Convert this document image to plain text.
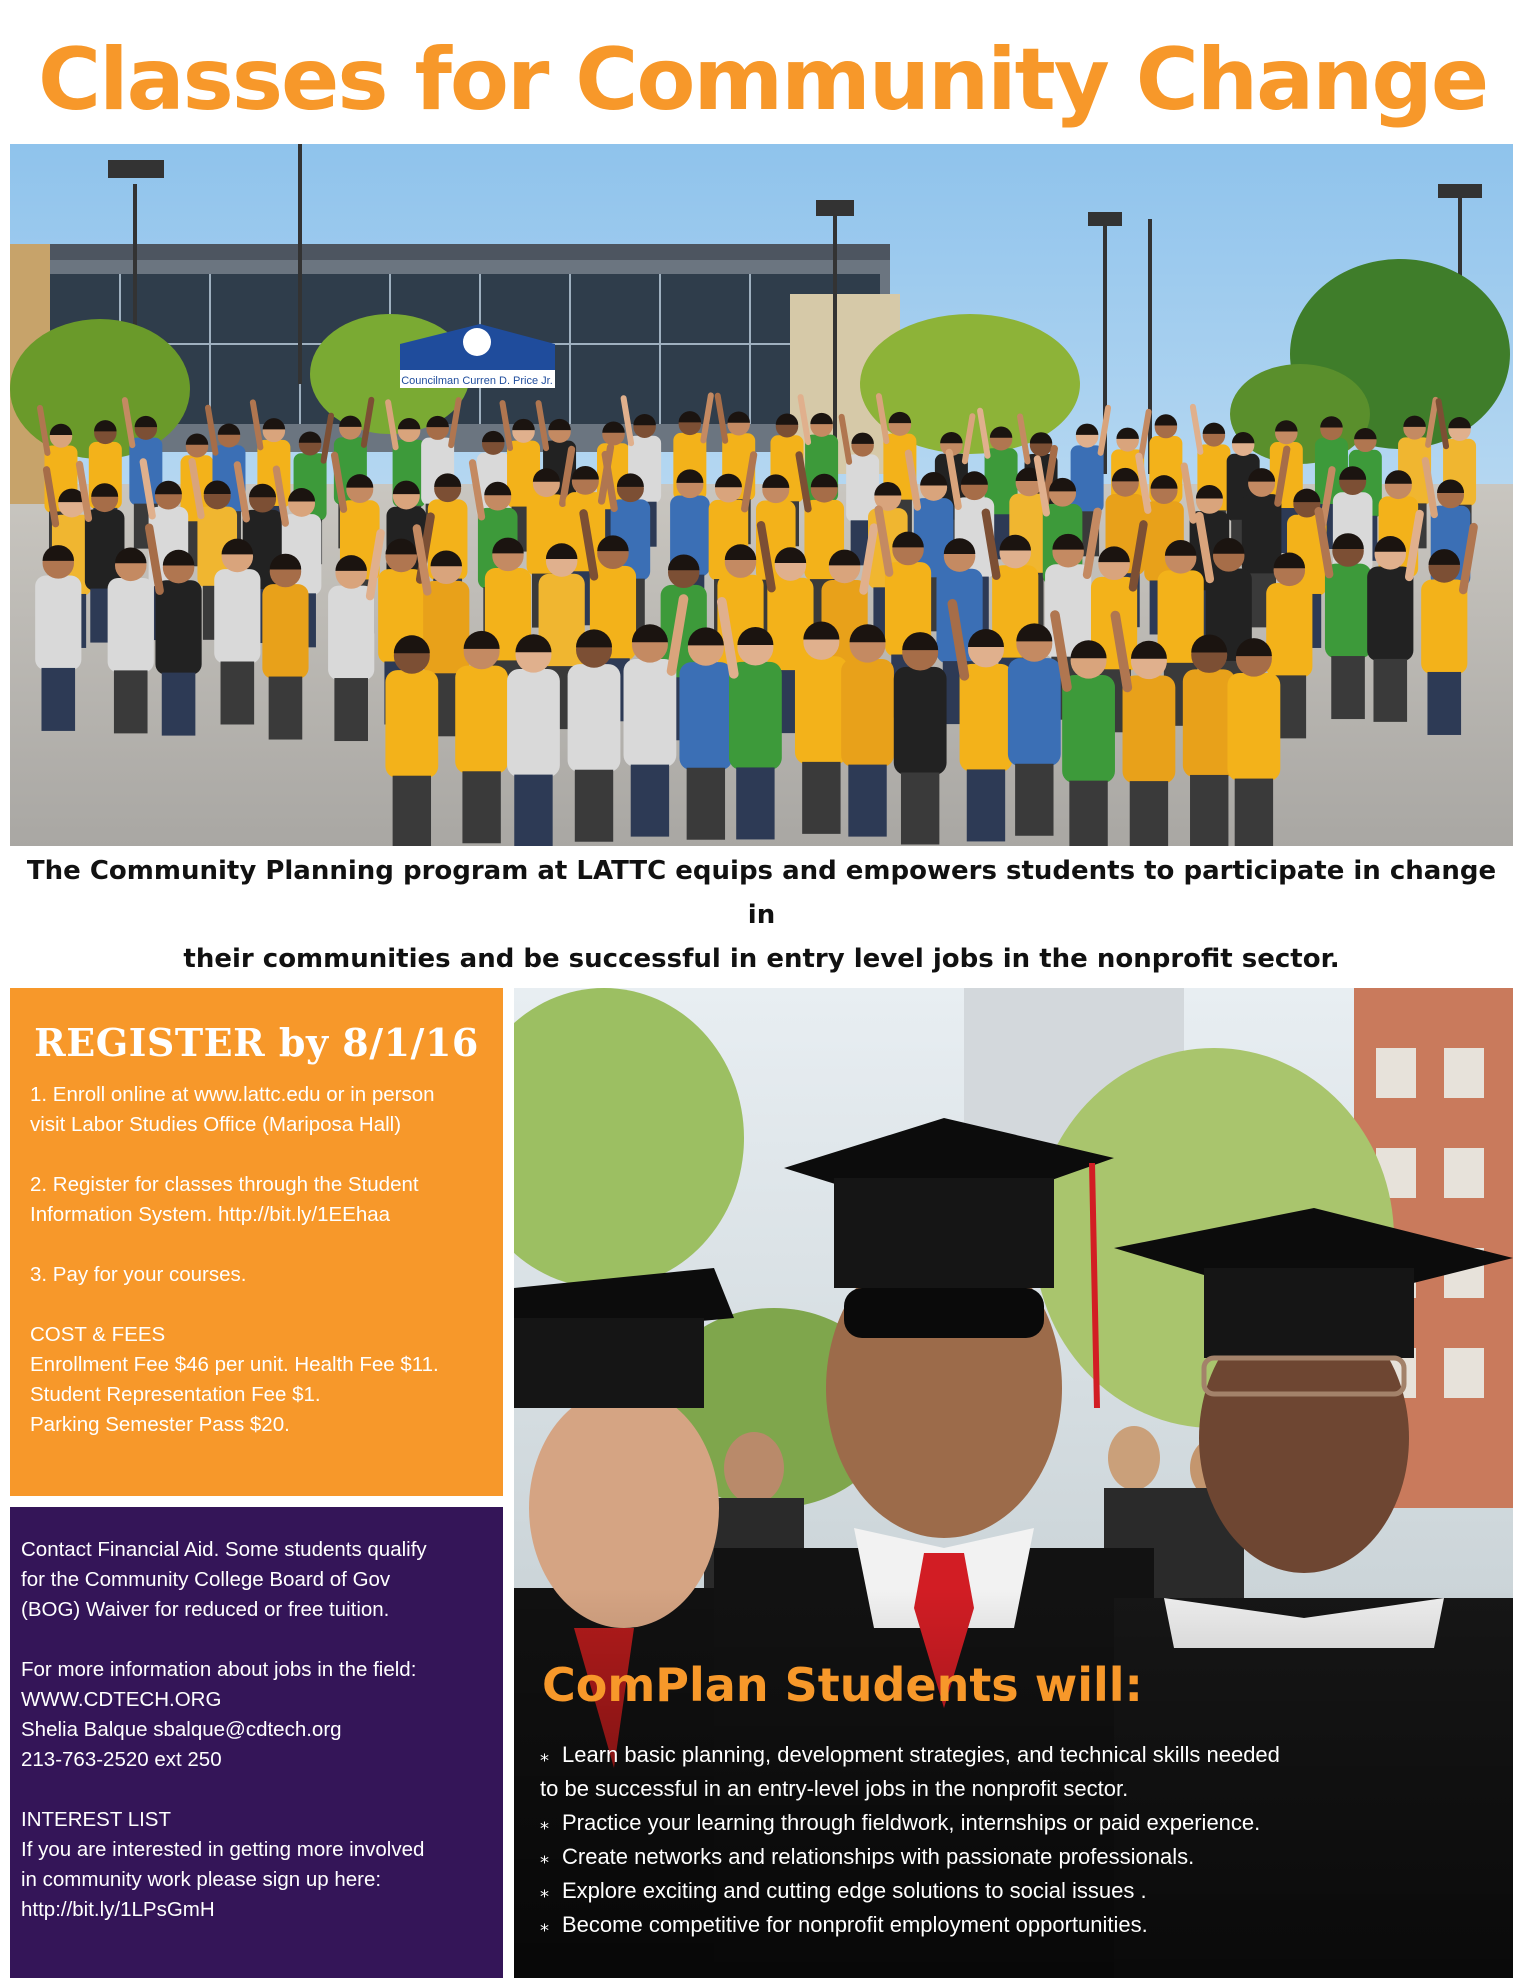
Classes for Community Change
Councilman Curren D. Price Jr.
The Community Planning program at LATTC equips and empowers students to participate in change in
their communities and be successful in entry level jobs in the nonprofit sector.
REGISTER by 8/1/16

1. Enroll online at www.lattc.edu or in person
visit Labor Studies Office (Mariposa Hall)

2. Register for classes through the Student
Information System. http://bit.ly/1EEhaa

3. Pay for your courses.

COST & FEES
Enrollment Fee $46 per unit. Health Fee $11.
Student Representation Fee $1.
Parking Semester Pass $20.

Contact Financial Aid. Some students qualify
for the Community College Board of Gov
(BOG) Waiver for reduced or free tuition.

For more information about jobs in the field:
WWW.CDTECH.ORG
Shelia Balque sbalque@cdtech.org
213-763-2520 ext 250

INTEREST LIST
If you are interested in getting more involved
in community work please sign up here:
http://bit.ly/1LPsGmH

ComPlan Students will:
⁎ Learn basic planning, development strategies, and technical skills needed
to be successful in an entry-level jobs in the nonprofit sector.
⁎ Practice your learning through fieldwork, internships or paid experience.
⁎ Create networks and relationships with passionate professionals.
⁎ Explore exciting and cutting edge solutions to social issues .
⁎ Become competitive for nonprofit employment opportunities.
